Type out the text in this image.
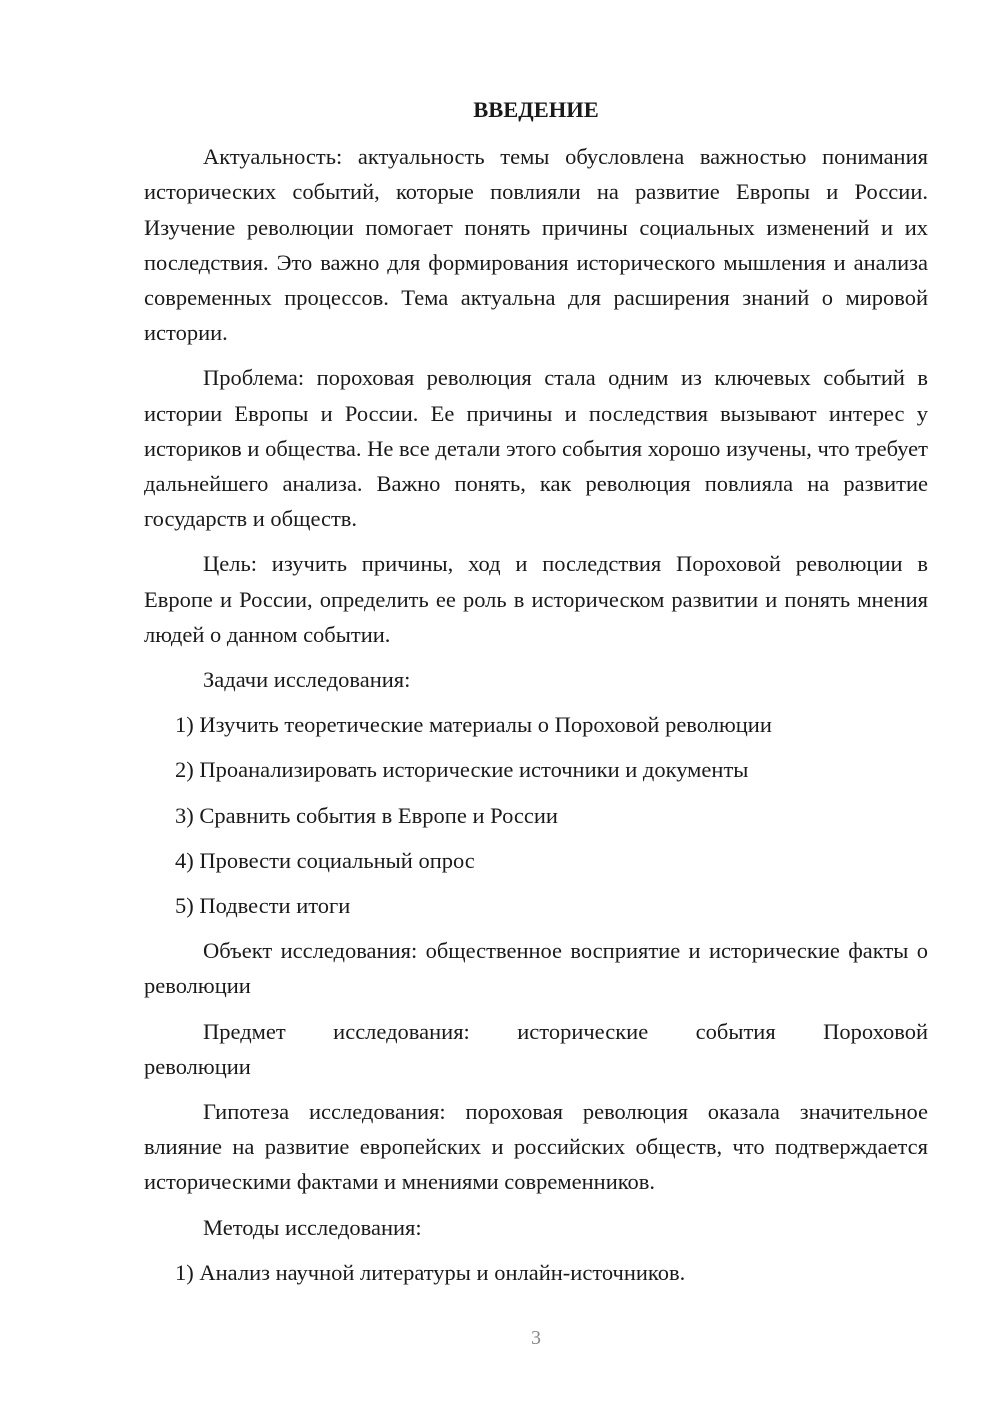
ВВЕДЕНИЕ

Актуальность: актуальность темы обусловлена важностью понимания исторических событий, которые повлияли на развитие Европы и России. Изучение революции помогает понять причины социальных изменений и их последствия. Это важно для формирования исторического мышления и анализа современных процессов. Тема актуальна для расширения знаний о мировой истории.

Проблема: пороховая революция стала одним из ключевых событий в истории Европы и России. Ее причины и последствия вызывают интерес у историков и общества. Не все детали этого события хорошо изучены, что требует дальнейшего анализа. Важно понять, как революция повлияла на развитие государств и обществ.

Цель: изучить причины, ход и последствия Пороховой революции в Европе и России, определить ее роль в историческом развитии и понять мнения людей о данном событии.

Задачи исследования:

1) Изучить теоретические материалы о Пороховой революции
2) Проанализировать исторические источники и документы
3) Сравнить события в Европе и России
4) Провести социальный опрос
5) Подвести итоги

Объект исследования: общественное восприятие и исторические факты о революции

Предмет исследования: исторические события Пороховой
революции

Гипотеза исследования: пороховая революция оказала значительное влияние на развитие европейских и российских обществ, что подтверждается историческими фактами и мнениями современников.

Методы исследования:

1) Анализ научной литературы и онлайн-источников.
3
